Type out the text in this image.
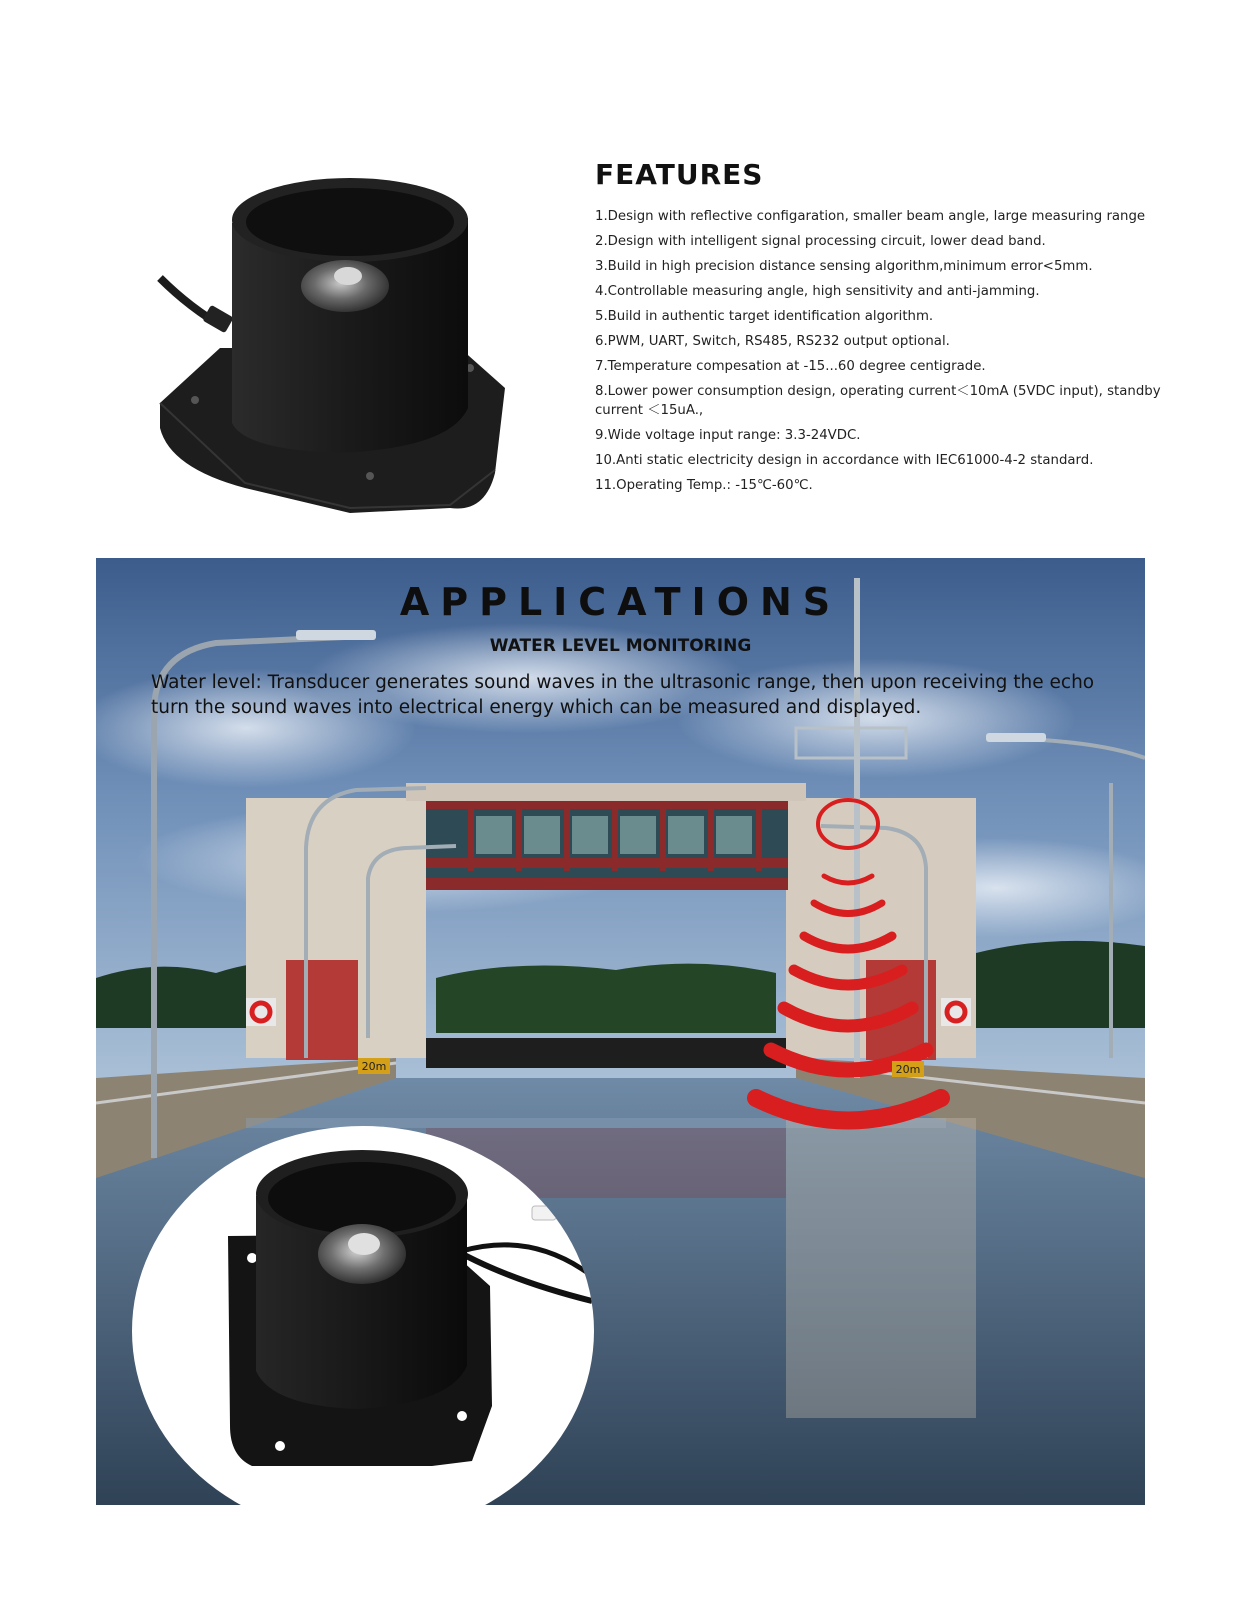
FEATURES
1.Design with reflective configaration, smaller beam angle, large measuring range
2.Design with intelligent signal processing circuit, lower dead band.
3.Build in high precision distance sensing algorithm,minimum error<5mm.
4.Controllable measuring angle, high sensitivity and anti-jamming.
5.Build in authentic target identification algorithm.
6.PWM, UART, Switch, RS485, RS232 output optional.
7.Temperature compesation at -15...60 degree centigrade.
8.Lower power consumption design, operating current＜10mA (5VDC input), standby current ＜15uA.,
9.Wide voltage input range: 3.3-24VDC.
10.Anti static electricity design in accordance with IEC61000-4-2 standard.
11.Operating Temp.: -15℃-60℃.
20m	20m
APPLICATIONS
WATER LEVEL MONITORING
Water level: Transducer generates sound waves in the ultrasonic range, then upon receiving the echo turn the sound waves into electrical energy which can be measured and displayed.
